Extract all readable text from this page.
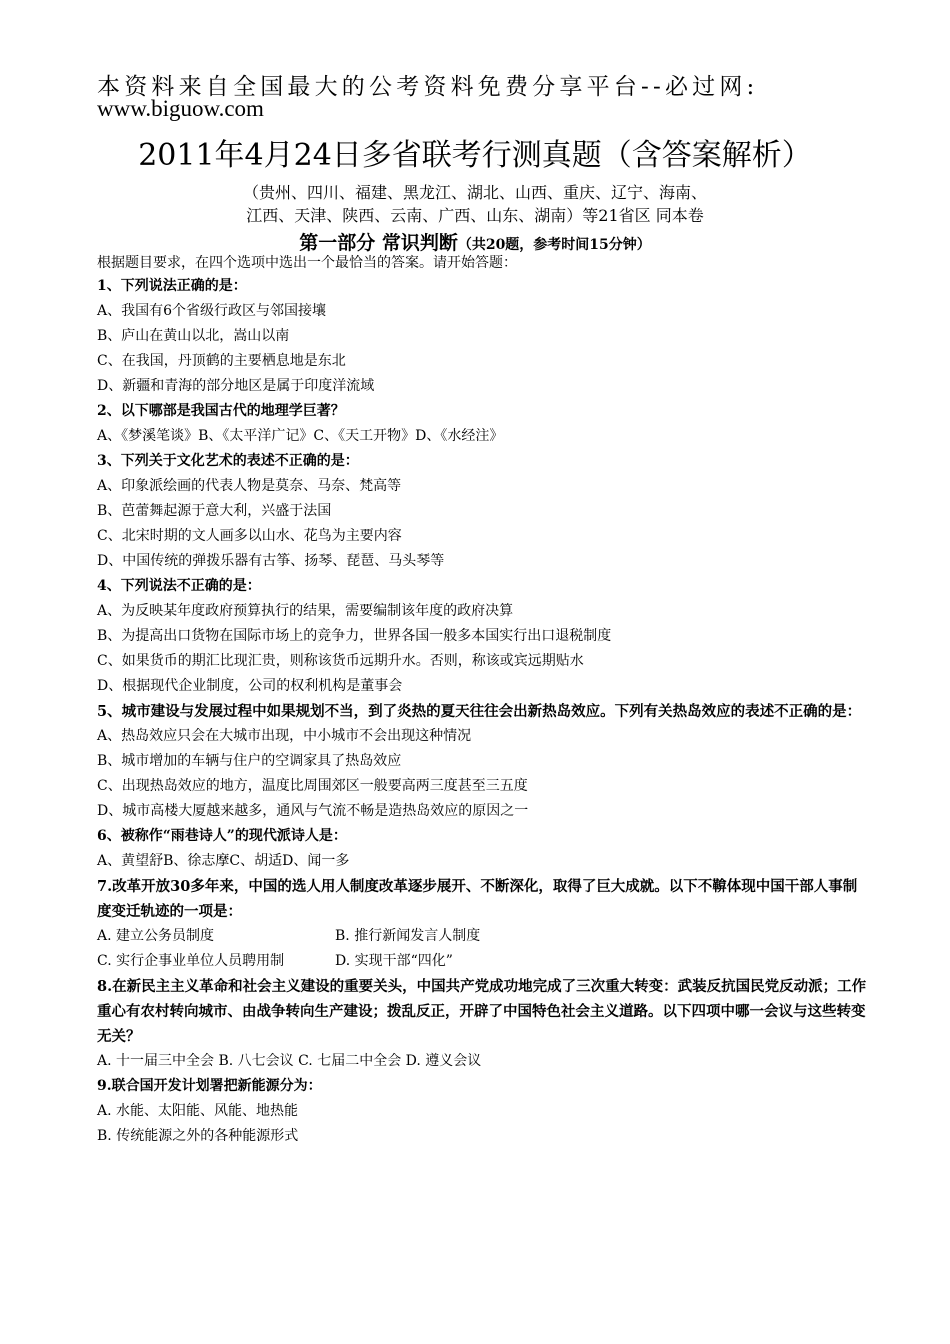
本资料来自全国最大的公考资料免费分享平台--必过网:
www.biguow.com
2011年4月24日多省联考行测真题（含答案解析）
（贵州、四川、福建、黑龙江、湖北、山西、重庆、辽宁、海南、
江西、天津、陕西、云南、广西、山东、湖南）等21省区 同本卷
第一部分 常识判断（共20题，参考时间15分钟）
根据题目要求，在四个选项中选出一个最恰当的答案。请开始答题：
1、下列说法正确的是：
A、我国有6个省级行政区与邻国接壤
B、庐山在黄山以北，嵩山以南
C、在我国，丹顶鹤的主要栖息地是东北
D、新疆和青海的部分地区是属于印度洋流域
2、以下哪部是我国古代的地理学巨著？
A、《梦溪笔谈》B、《太平洋广记》C、《天工开物》D、《水经注》
3、下列关于文化艺术的表述不正确的是：
A、印象派绘画的代表人物是莫奈、马奈、梵高等
B、芭蕾舞起源于意大利，兴盛于法国
C、北宋时期的文人画多以山水、花鸟为主要内容
D、中国传统的弹拨乐器有古筝、扬琴、琵琶、马头琴等
4、下列说法不正确的是：
A、为反映某年度政府预算执行的结果，需要编制该年度的政府决算
B、为提高出口货物在国际市场上的竞争力，世界各国一般多本国实行出口退税制度
C、如果货币的期汇比现汇贵，则称该货币远期升水。否则，称该或宾远期贴水
D、根据现代企业制度，公司的权利机构是董事会
5、城市建设与发展过程中如果规划不当，到了炎热的夏天往往会出新热岛效应。下列有关热岛效应的表述不正确的是：
A、热岛效应只会在大城市出现，中小城市不会出现这种情况
B、城市增加的车辆与住户的空调家具了热岛效应
C、出现热岛效应的地方，温度比周围郊区一般要高两三度甚至三五度
D、城市高楼大厦越来越多，通风与气流不畅是造热岛效应的原因之一
6、被称作“雨巷诗人”的现代派诗人是：
A、黄望舒B、徐志摩C、胡适D、闻一多
7.改革开放30多年来，中国的选人用人制度改革逐步展开、不断深化，取得了巨大成就。以下不鞥体现中国干部人事制度变迁轨迹的一项是：
A. 建立公务员制度	B. 推行新闻发言人制度
C. 实行企事业单位人员聘用制	D. 实现干部“四化”
8.在新民主主义革命和社会主义建设的重要关头，中国共产党成功地完成了三次重大转变：武装反抗国民党反动派；工作重心有农村转向城市、由战争转向生产建设；拨乱反正，开辟了中国特色社会主义道路。以下四项中哪一会议与这些转变无关？
A. 十一届三中全会 B. 八七会议 C. 七届二中全会 D. 遵义会议
9.联合国开发计划署把新能源分为：
A. 水能、太阳能、风能、地热能
B. 传统能源之外的各种能源形式
